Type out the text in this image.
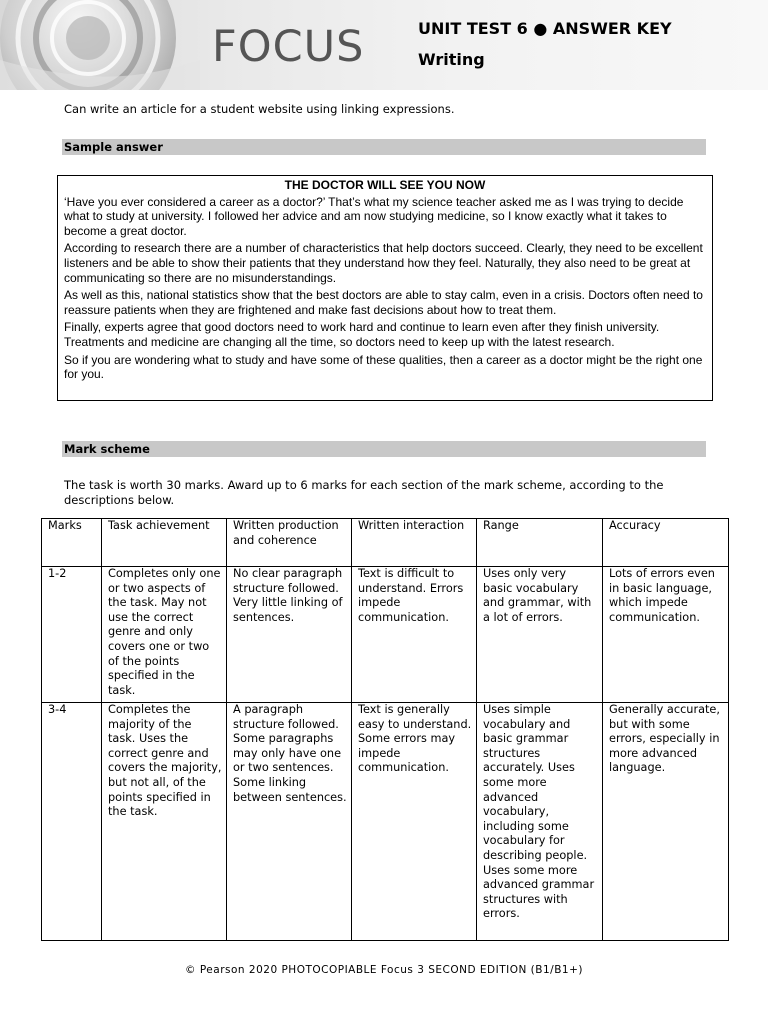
FOCUS	UNIT TEST 6 ● ANSWER KEY
Writing
Can write an article for a student website using linking expressions.
Sample answer
THE DOCTOR WILL SEE YOU NOW

‘Have you ever considered a career as a doctor?’ That’s what my science teacher asked me as I was trying to decide what to study at university. I followed her advice and am now studying medicine, so I know exactly what it takes to become a great doctor.

According to research there are a number of characteristics that help doctors succeed. Clearly, they need to be excellent listeners and be able to show their patients that they understand how they feel. Naturally, they also need to be great at communicating so there are no misunderstandings.

As well as this, national statistics show that the best doctors are able to stay calm, even in a crisis. Doctors often need to reassure patients when they are frightened and make fast decisions about how to treat them.

Finally, experts agree that good doctors need to work hard and continue to learn even after they finish university. Treatments and medicine are changing all the time, so doctors need to keep up with the latest research.

So if you are wondering what to study and have some of these qualities, then a career as a doctor might be the right one for you.

Mark scheme
The task is worth 30 marks. Award up to 6 marks for each section of the mark scheme, according to the descriptions below.
Marks	Task achievement	Written production and coherence	Written interaction	Range	Accuracy
1-2	Completes only one or two aspects of the task. May not use the correct genre and only covers one or two of the points specified in the task.	No clear paragraph structure followed. Very little linking of sentences.	Text is difficult to understand. Errors impede communication.	Uses only very basic vocabulary and grammar, with a lot of errors.	Lots of errors even in basic language, which impede communication.
3-4	Completes the majority of the task. Uses the correct genre and covers the majority, but not all, of the points specified in the task.	A paragraph structure followed. Some paragraphs may only have one or two sentences. Some linking between sentences.	Text is generally easy to understand. Some errors may impede communication.	Uses simple vocabulary and basic grammar structures accurately. Uses some more advanced vocabulary, including some vocabulary for describing people. Uses some more advanced grammar structures with errors.	Generally accurate, but with some errors, especially in more advanced language.
© Pearson 2020 PHOTOCOPIABLE Focus 3 SECOND EDITION (B1/B1+)
